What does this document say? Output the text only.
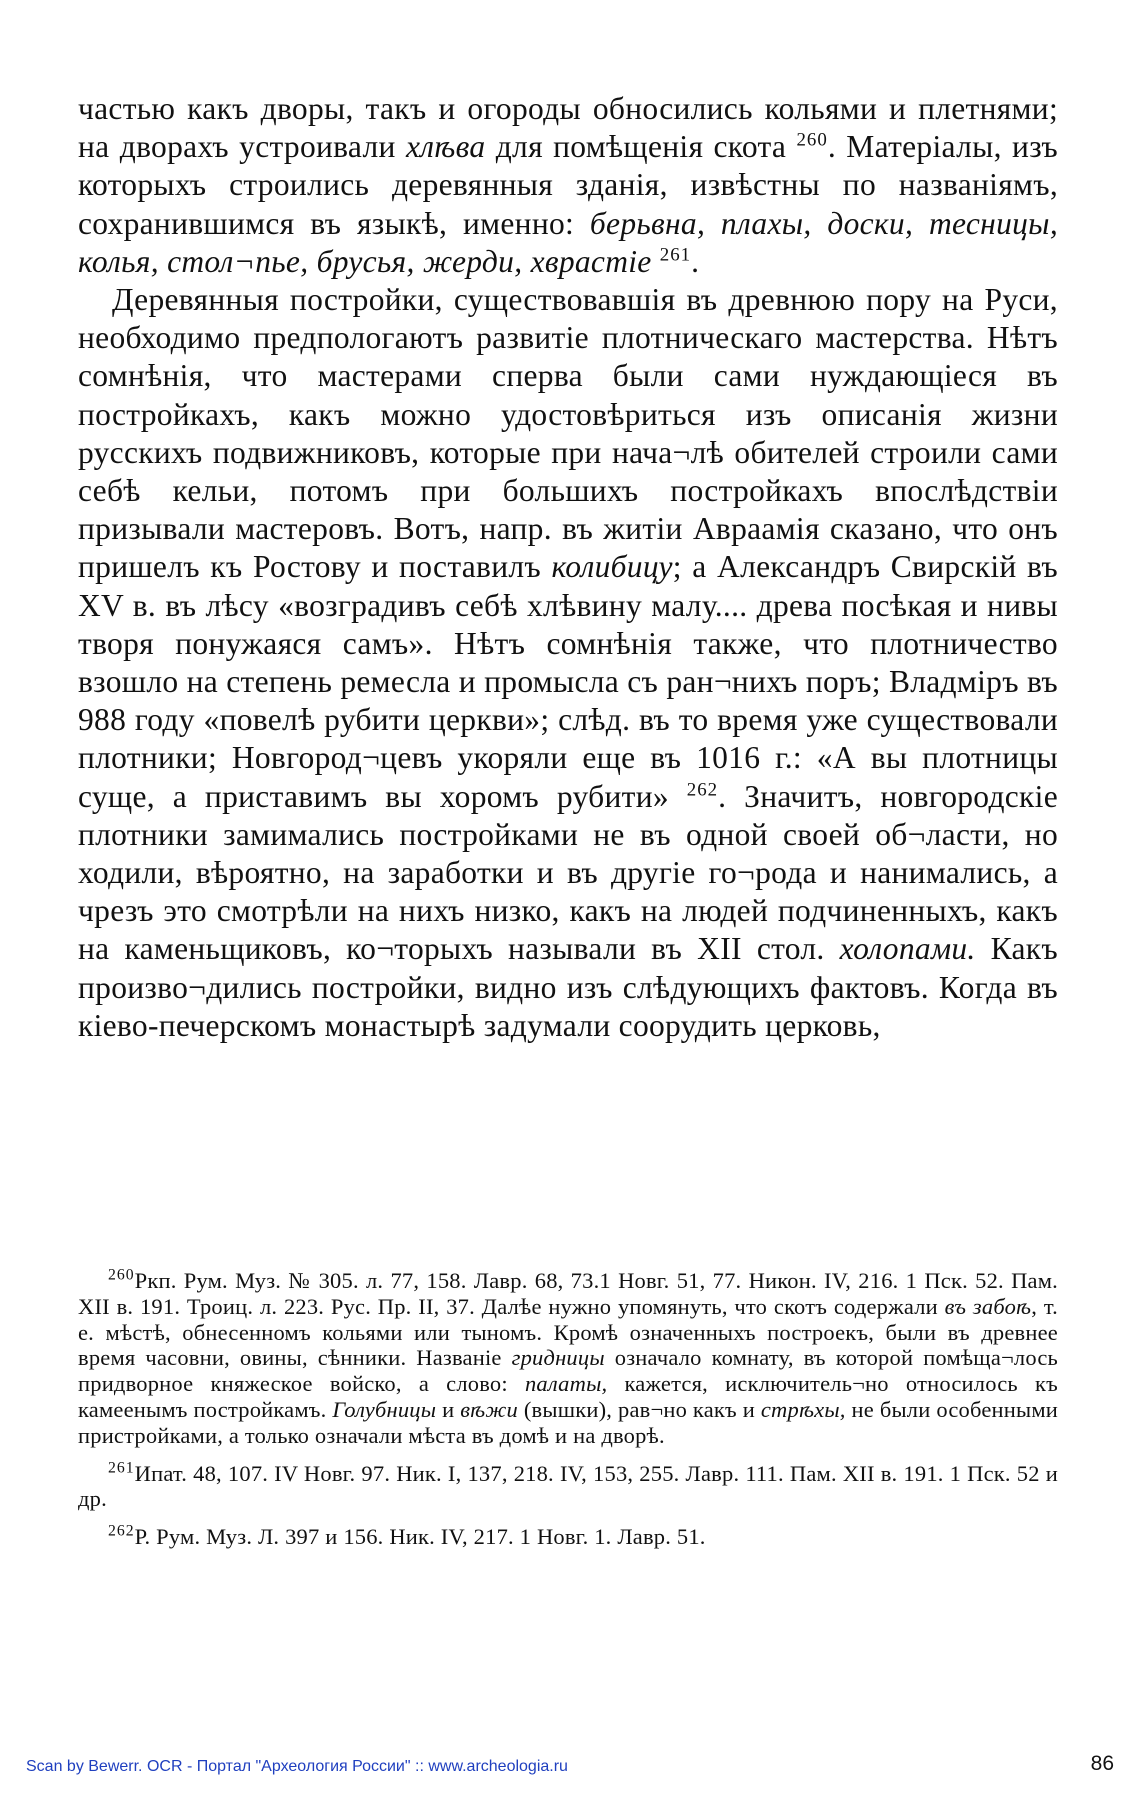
частью какъ дворы, такъ и огороды обносились кольями и плетнями; на дворахъ устроивали хлѣва для помѣщенія скота $^{260}$. Матеріалы, изъ которыхъ строились деревянныя зданія, извѣстны по названіямъ, сохранившимся въ языкѣ, именно: берьвна, плахы, доски, тесницы, колья, стол¬пье, брусья, жерди, хврастіе $^{261}$.

Деревянныя постройки, существовавшія въ древнюю пору на Руси, необходимо предпологаютъ развитіе плотническаго мастерства. Нѣтъ сомнѣнія, что мастерами сперва были сами нуждающіеся въ постройкахъ, какъ можно удостовѣриться изъ описанія жизни русскихъ подвижниковъ, которые при нача¬лѣ обителей строили сами себѣ кельи, потомъ при большихъ постройкахъ впослѣдствіи призывали мастеровъ. Вотъ, напр. въ житіи Авраамія сказано, что онъ пришелъ къ Ростову и поставилъ колибицу; а Александръ Свирскій въ XV в. въ лѣсу «возградивъ себѣ хлѣвину малу.... древа посѣкая и нивы творя понужаяся самъ». Нѣтъ сомнѣнія также, что плотничество взошло на степень ремесла и промысла съ ран¬нихъ поръ; Владміръ въ 988 году «повелѣ рубити церкви»; слѣд. въ то время уже существовали плотники; Новгород¬цевъ укоряли еще въ 1016 г.: «А вы плотницы суще, а приставимъ вы хоромъ рубити» $^{262}$. Значитъ, новгородскіе плотники замимались постройками не въ одной своей об¬ласти, но ходили, вѣроятно, на заработки и въ другіе го¬рода и нанимались, а чрезъ это смотрѣли на нихъ низко, какъ на людей подчиненныхъ, какъ на каменьщиковъ, ко¬торыхъ называли въ XII стол. холопами. Какъ произво¬дились постройки, видно изъ слѣдующихъ фактовъ. Когда въ кіево-печерскомъ монастырѣ задумали соорудить церковь,

$^{260}$Ркп. Рум. Муз. № 305. л. 77, 158. Лавр. 68, 73.1 Новг. 51, 77. Никон. IV, 216. 1 Пск. 52. Пам. XII в. 191. Троиц. л. 223. Рус. Пр. II, 37. Далѣе нужно упомянуть, что скотъ содержали въ забоѣ, т. е. мѣстѣ, обнесенномъ кольями или тыномъ. Кромѣ означенныхъ построекъ, были въ древнее время часовни, овины, сѣнники. Названіе гридницы означало комнату, въ которой помѣща¬лось придворное княжеское войско, а слово: палаты, кажется, исключитель¬но относилось къ камеенымъ постройкамъ. Голубницы и вѣжи (вышки), рав¬но какъ и стрѣхы, не были особенными пристройками, а только означали мѣста въ домѣ и на дворѣ.

$^{261}$Ипат. 48, 107. IV Новг. 97. Ник. I, 137, 218. IV, 153, 255. Лавр. 111. Пам. XII в. 191. 1 Пск. 52 и др.

$^{262}$Р. Рум. Муз. Л. 397 и 156. Ник. IV, 217. 1 Новг. 1. Лавр. 51.

Scan by Bewerr. OCR - Портал "Археология России" :: www.archeologia.ru	86
